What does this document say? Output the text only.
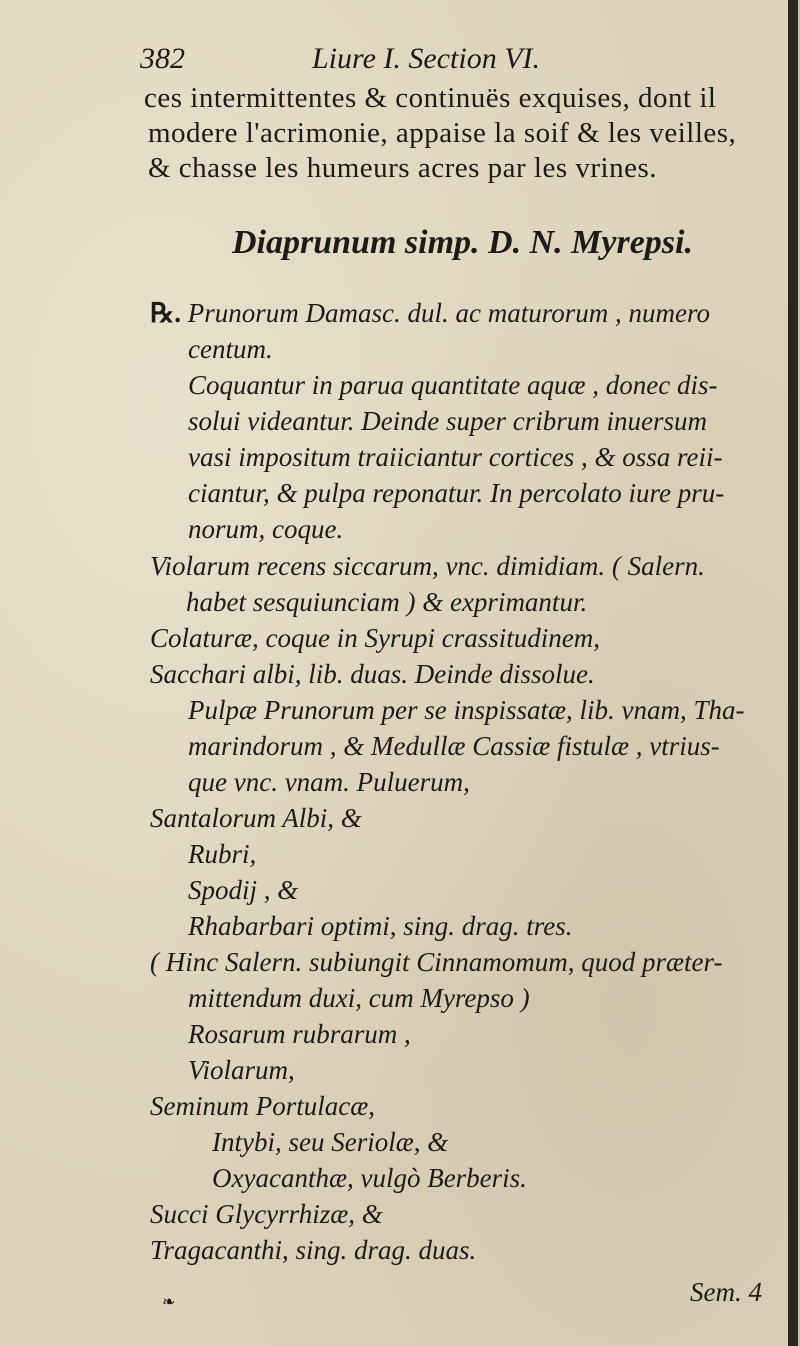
382	Liure I. Section VI.
ces intermittentes & continuës exquises, dont il
modere l'acrimonie, appaise la soif & les veilles,
& chasse les humeurs acres par les vrines.
Diaprunum simp. D. N. Myrepsi.
℞. Prunorum Damasc. dul. ac maturorum , numero
centum.
Coquantur in parua quantitate aquæ , donec dis-
solui videantur. Deinde super cribrum inuersum
vasi impositum traiiciantur cortices , & ossa reii-
ciantur, & pulpa reponatur. In percolato iure pru-
norum, coque.
Violarum recens siccarum, vnc. dimidiam. ( Salern.
habet sesquiunciam ) & exprimantur.
Colaturæ, coque in Syrupi crassitudinem,
Sacchari albi, lib. duas. Deinde dissolue.
Pulpæ Prunorum per se inspissatæ, lib. vnam, Tha-
marindorum , & Medullæ Cassiæ fistulæ , vtrius-
que vnc. vnam. Puluerum,
Santalorum Albi, &
Rubri,
Spodij , &
Rhabarbari optimi, sing. drag. tres.
( Hinc Salern. subiungit Cinnamomum, quod præter-
mittendum duxi, cum Myrepso )
Rosarum rubrarum ,
Violarum,
Seminum Portulacæ,
Intybi, seu Seriolæ, &
Oxyacanthæ, vulgò Berberis.
Succi Glycyrrhizæ, &
Tragacanthi, sing. drag. duas.
Sem. 4
❧
